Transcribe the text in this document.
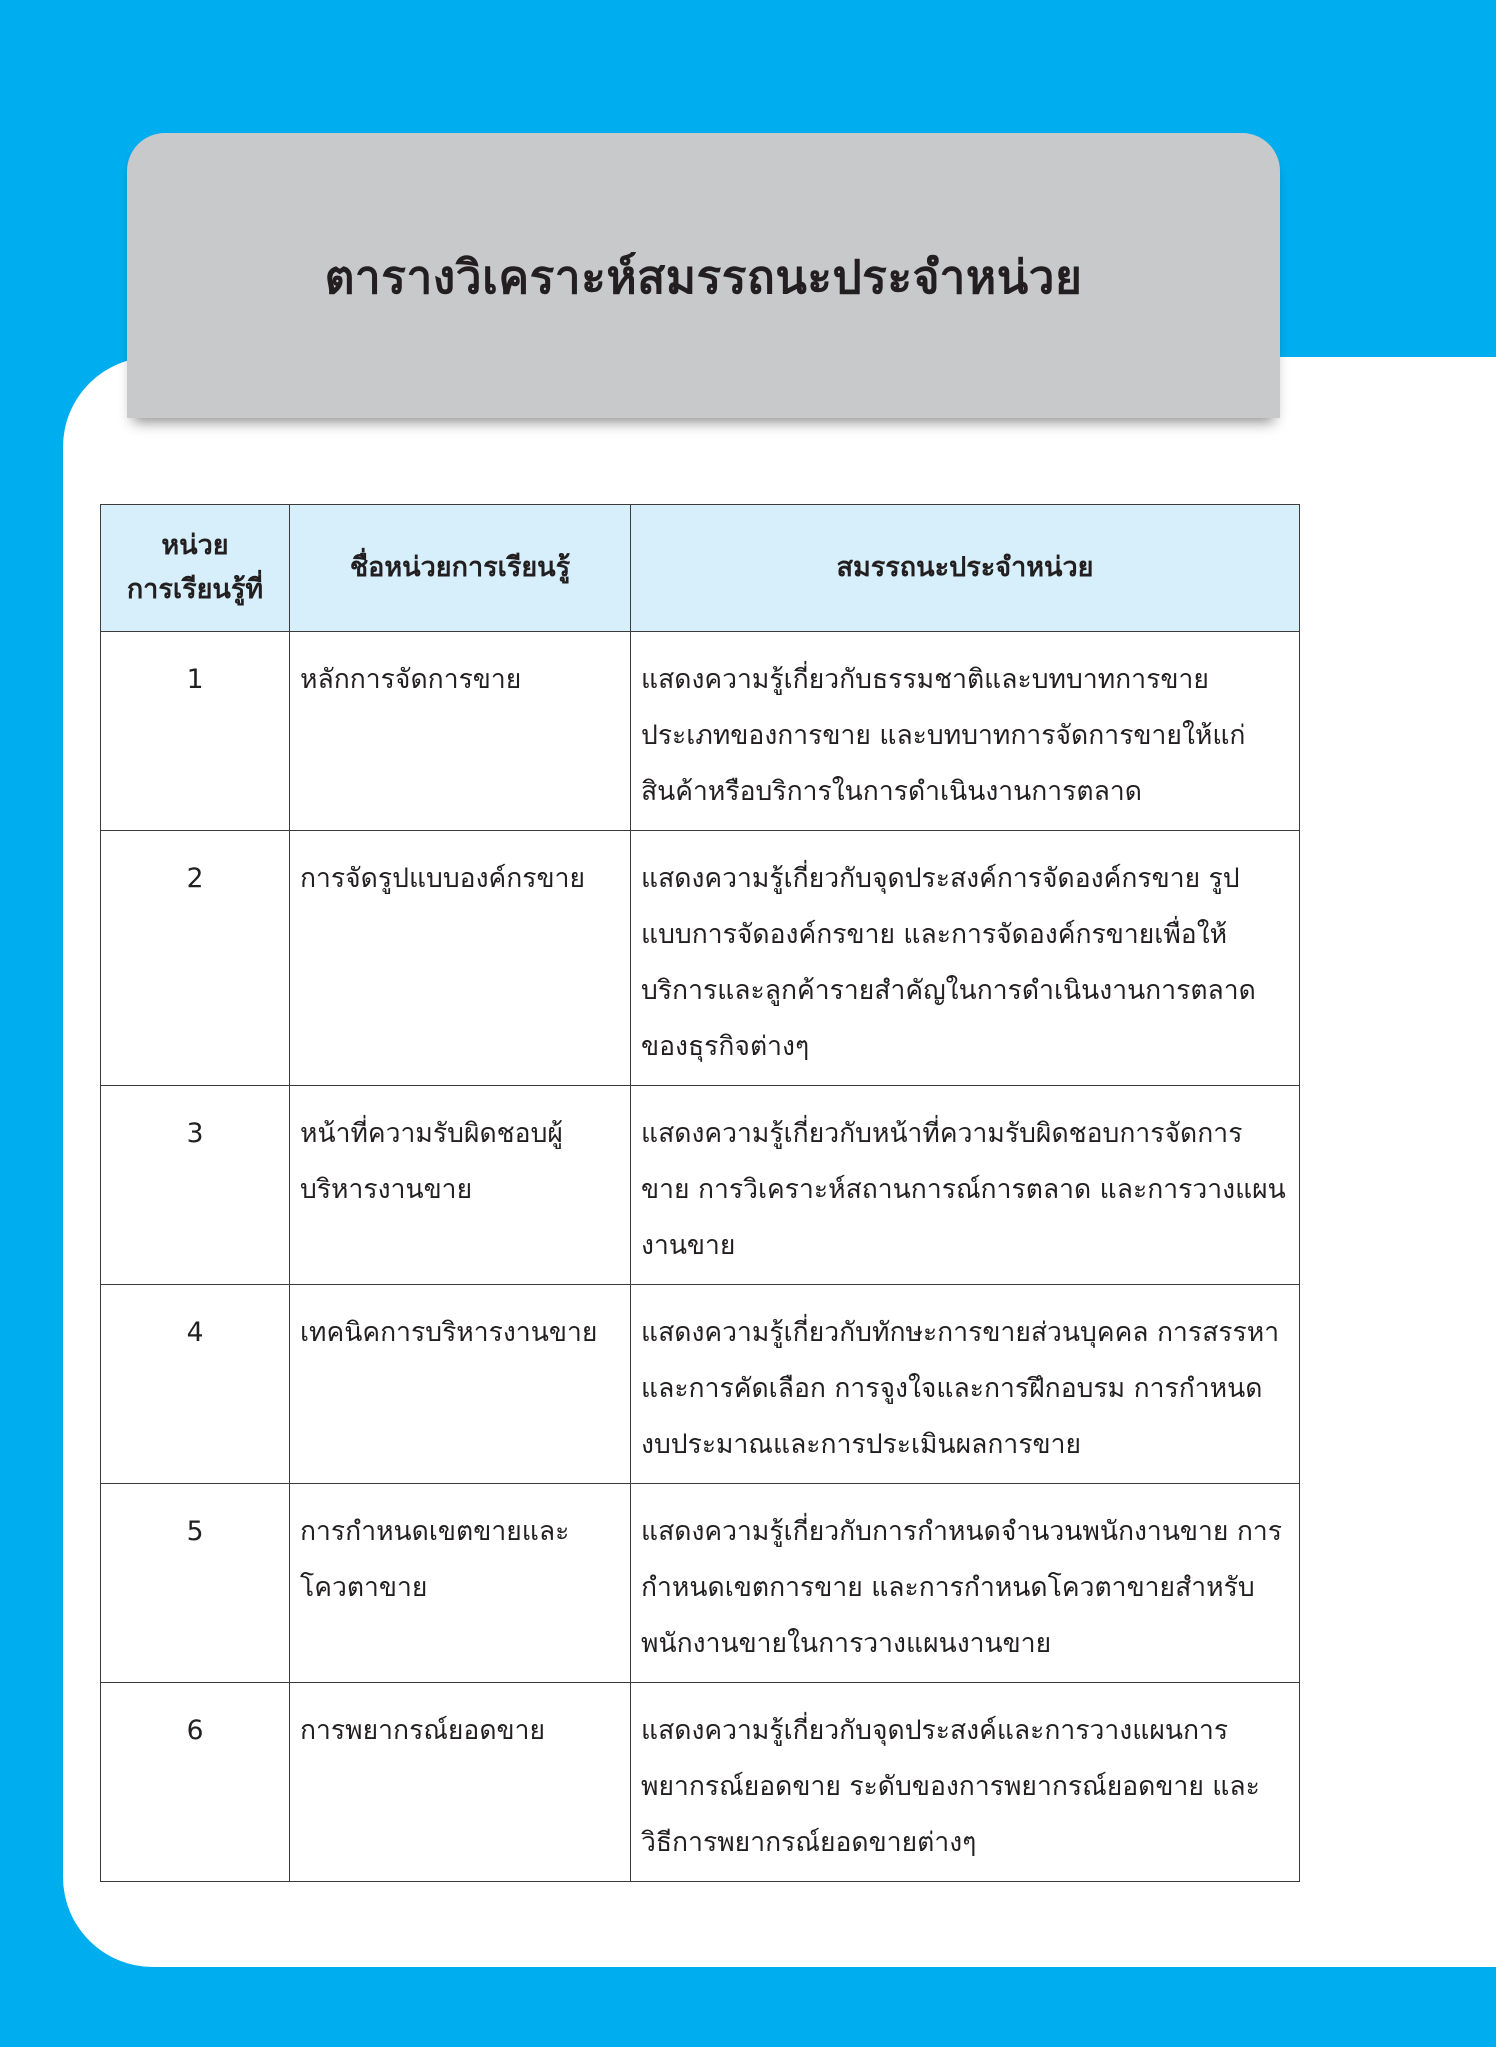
ตารางวิเคราะห์สมรรถนะประจำหน่วย
หน่วย
การเรียนรู้ที่	ชื่อหน่วยการเรียนรู้	สมรรถนะประจำหน่วย
1	หลักการจัดการขาย	แสดงความรู้เกี่ยวกับธรรมชาติและบทบาทการขาย ประเภทของการขาย และบทบาทการจัดการขายให้แก่สินค้าหรือบริการในการดำเนินงานการตลาด
2	การจัดรูปแบบองค์กรขาย	แสดงความรู้เกี่ยวกับจุดประสงค์การจัดองค์กรขาย รูปแบบการจัดองค์กรขาย และการจัดองค์กรขายเพื่อให้บริการและลูกค้ารายสำคัญในการดำเนินงานการตลาดของธุรกิจต่างๆ
3	หน้าที่ความรับผิดชอบผู้บริหารงานขาย	แสดงความรู้เกี่ยวกับหน้าที่ความรับผิดชอบการจัดการขาย การวิเคราะห์สถานการณ์การตลาด และการวางแผนงานขาย
4	เทคนิคการบริหารงานขาย	แสดงความรู้เกี่ยวกับทักษะการขายส่วนบุคคล การสรรหาและการคัดเลือก การจูงใจและการฝึกอบรม การกำหนดงบประมาณและการประเมินผลการขาย
5	การกำหนดเขตขายและโควตาขาย	แสดงความรู้เกี่ยวกับการกำหนดจำนวนพนักงานขาย การกำหนดเขตการขาย และการกำหนดโควตาขายสำหรับพนักงานขายในการวางแผนงานขาย
6	การพยากรณ์ยอดขาย	แสดงความรู้เกี่ยวกับจุดประสงค์และการวางแผนการพยากรณ์ยอดขาย ระดับของการพยากรณ์ยอดขาย และวิธีการพยากรณ์ยอดขายต่างๆ
